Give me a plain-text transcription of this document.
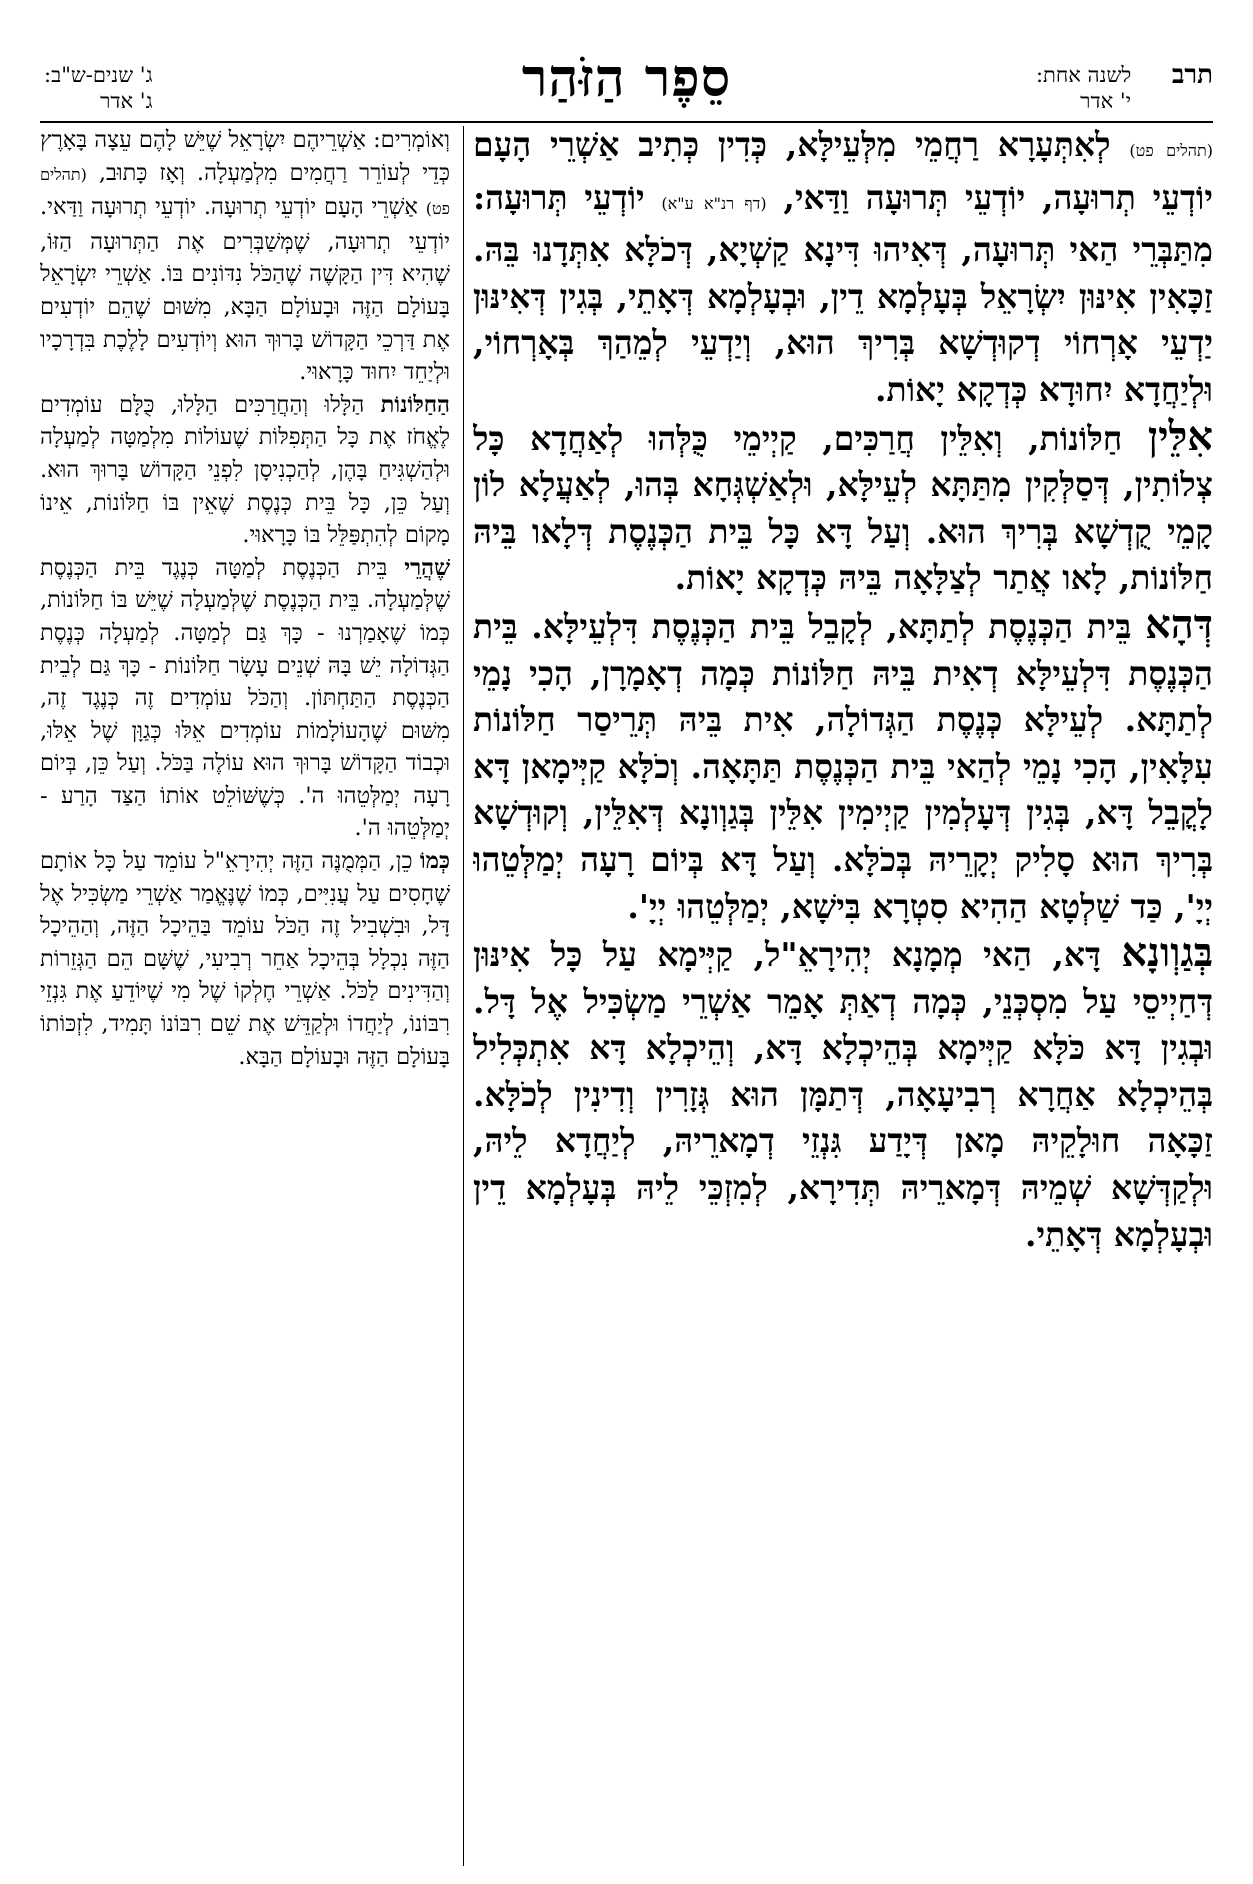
תרב
לשנה אחת:
י' אדר
סֵפֶר הַזֹּהַר
ג' שנים-ש"ב:
ג' אדר

(תהלים פט) לְאִתְּעָרָא רַחֲמֵי מִלְּעֵילָּא, כְּדִין כְּתִיב אַשְׁרֵי הָעָם יוֹדְעֵי תְרוּעָה, יוֹדְעֵי תְּרוּעָה וַדַּאי, (דף רנ"א ע"א) יוֹדְעֵי תְּרוּעָה: מִתַּבְּרֵי הַאי תְּרוּעָה, דְּאִיהוּ דִּינָא קַשְׁיָא, דְּכֹלָּא אִתְּדָנוּ בֵּהּ. זַכָּאִין אִינּוּן יִשְׂרָאֵל בְּעָלְמָא דֵין, וּבְעָלְמָא דְּאָתֵי, בְּגִין דְּאִינּוּן יַדְעֵי אָרְחוֹי דְקוּדְשָׁא בְּרִיךְ הוּא, וְיַדְעֵי לְמֵהַךְ בְּאָרְחוֹי, וּלְיַחֲדָא יִחוּדָא כְּדְקָא יָאוֹת.

אִלֵּין חַלּוֹנוֹת, וְאִלֵּין חֲרַכִּים, קַיְימֵי כֻּלְּהוּ לְאַחֲדָא כָּל צְלוֹתִין, דְּסַלְּקִין מִתַּתָּא לְעֵילָּא, וּלְאַשְׁגְּחָא בְּהוּ, לְאַעֲלָא לוֹן קָמֵי קֻדְשָׁא בְּרִיךְ הוּא. וְעַל דָּא כָּל בֵּית הַכְּנֶסֶת דְּלָאו בֵּיהּ חַלּוֹנוֹת, לָאו אֲתַר לְצַלָּאָה בֵּיהּ כְּדְקָא יָאוֹת.

דְּהָא בֵּית הַכְּנֶסֶת לְתַתָּא, לְקָבֵל בֵּית הַכְּנֶסֶת דִּלְעֵילָּא. בֵּית הַכְּנֶסֶת דִּלְעֵילָּא דְאִית בֵּיהּ חַלּוֹנוֹת כְּמָה דְאָמָרָן, הָכִי נָמֵי לְתַתָּא. לְעֵילָּא כְּנֶסֶת הַגְּדוֹלָה, אִית בֵּיהּ תְּרֵיסַר חַלּוֹנוֹת עִלָּאִין, הָכִי נָמֵי לְהַאי בֵּית הַכְּנֶסֶת תַּתָּאָה. וְכֹלָּא קַיְּימָאן דָּא לָקֳבֵל דָּא, בְּגִין דְּעָלְמִין קַיְימִין אִלֵּין בְּגַוְונָא דְּאִלֵּין, וְקוּדְשָׁא בְּרִיךְ הוּא סָלִיק יְקָרֵיהּ בְּכֹלָּא. וְעַל דָּא בְּיוֹם רָעָה יְמַלְּטֵהוּ יְיָ', כַּד שַׁלְטָא הַהִיא סִטְרָא בִּישָׁא, יְמַלְּטֵהוּ יְיָ'.

בְּגַוְונָא דָּא, הַאי מְמָנָא יְהִירָאֵ"ל, קַיְּימָא עַל כָּל אִינּוּן דְּחַיְיסֵי עַל מִסְכְּנֵי, כְּמָה דְאַתְּ אָמֵר אַשְׁרֵי מַשְׂכִּיל אֶל דָּל. וּבְגִין דָּא כֹּלָּא קַיְּימָא בְּהֵיכְלָא דָּא, וְהֵיכְלָא דָּא אִתְכְּלִיל בְּהֵיכְלָא אַחֲרָא רְבִיעָאָה, דְּתַמָּן הוּא גְּזָרִין וְדִינִין לְכֹלָּא. זַכָּאָה חוּלָקֵיהּ מָאן דְּיָדַע גִּנְזֵי דְמָארֵיהּ, לְיַחֲדָא לֵיהּ, וּלְקַדְּשָׁא שְׁמֵיהּ דְּמָארֵיהּ תְּדִירָא, לְמִזְכֵּי לֵיהּ בְּעָלְמָא דֵין וּבְעָלְמָא דְּאָתֵי.

וְאוֹמְרִים: אַשְׁרֵיהֶם יִשְׂרָאֵל שֶׁיֵּשׁ לָהֶם עֵצָה בָּאָרֶץ כְּדֵי לְעוֹרֵר רַחֲמִים מִלְמַעְלָה. וְאָז כָּתוּב, (תהלים פט) אַשְׁרֵי הָעָם יוֹדְעֵי תְרוּעָה. יוֹדְעֵי תְרוּעָה וַדַּאי. יוֹדְעֵי תְרוּעָה, שֶׁמְּשַׁבְּרִים אֶת הַתְּרוּעָה הַזּוֹ, שֶׁהִיא דִּין הַקָּשֶׁה שֶׁהַכֹּל נִדּוֹנִים בּוֹ. אַשְׁרֵי יִשְׂרָאֵל בָּעוֹלָם הַזֶּה וּבָעוֹלָם הַבָּא, מִשּׁוּם שֶׁהֵם יוֹדְעִים אֶת דַּרְכֵי הַקָּדוֹשׁ בָּרוּךְ הוּא וְיוֹדְעִים לָלֶכֶת בִּדְרָכָיו וּלְיַחֵד יִחוּד כָּרָאוּי.

הַחַלּוֹנוֹת הַלָּלוּ וְהַחֲרַכִּים הַלָּלוּ, כֻּלָּם עוֹמְדִים לֶאֱחֹז אֶת כָּל הַתְּפִלּוֹת שֶׁעוֹלוֹת מִלְמַטָּה לְמַעְלָה וּלְהַשְׁגִּיחַ בָּהֶן, לְהַכְנִיסָן לִפְנֵי הַקָּדוֹשׁ בָּרוּךְ הוּא. וְעַל כֵּן, כָּל בֵּית כְּנֶסֶת שֶׁאֵין בּוֹ חַלּוֹנוֹת, אֵינוֹ מָקוֹם לְהִתְפַּלֵּל בּוֹ כָּרָאוּי.

שֶׁהֲרֵי בֵּית הַכְּנֶסֶת לְמַטָּה כְּנֶגֶד בֵּית הַכְּנֶסֶת שֶׁלְּמַעְלָה. בֵּית הַכְּנֶסֶת שֶׁלְּמַעְלָה שֶׁיֵּשׁ בּוֹ חַלּוֹנוֹת, כְּמוֹ שֶׁאָמַרְנוּ - כָּךְ גַּם לְמַטָּה. לְמַעְלָה כְּנֶסֶת הַגְּדוֹלָה יֵשׁ בָּהּ שְׁנֵים עָשָׂר חַלּוֹנוֹת - כָּךְ גַּם לְבֵית הַכְּנֶסֶת הַתַּחְתּוֹן. וְהַכֹּל עוֹמְדִים זֶה כְּנֶגֶד זֶה, מִשּׁוּם שֶׁהָעוֹלָמוֹת עוֹמְדִים אֵלּוּ כְּגַוָּן שֶׁל אֵלּוּ, וּכְבוֹד הַקָּדוֹשׁ בָּרוּךְ הוּא עוֹלֶה בַּכֹּל. וְעַל כֵּן, בְּיוֹם רָעָה יְמַלְּטֵהוּ ה'. כְּשֶׁשּׁוֹלֵט אוֹתוֹ הַצַּד הָרַע - יְמַלְּטֵהוּ ה'.

כְּמוֹ כֵן, הַמְּמֻנֶּה הַזֶּה יְהִירָאֵ"ל עוֹמֵד עַל כָּל אוֹתָם שֶׁחָסִים עַל עֲנִיִּים, כְּמוֹ שֶׁנֶּאֱמַר אַשְׁרֵי מַשְׂכִּיל אֶל דָּל, וּבִשְׁבִיל זֶה הַכֹּל עוֹמֵד בַּהֵיכָל הַזֶּה, וְהַהֵיכָל הַזֶּה נִכְלָל בְּהֵיכָל אַחֵר רְבִיעִי, שֶׁשָּׁם הֵם הַגְּזֵרוֹת וְהַדִּינִים לַכֹּל. אַשְׁרֵי חֶלְקוֹ שֶׁל מִי שֶׁיּוֹדֵעַ אֶת גִּנְזֵי רִבּוֹנוֹ, לְיַחֲדוֹ וּלְקַדֵּשׁ אֶת שֵׁם רִבּוֹנוֹ תָּמִיד, לִזְכּוֹתוֹ בָּעוֹלָם הַזֶּה וּבָעוֹלָם הַבָּא.
